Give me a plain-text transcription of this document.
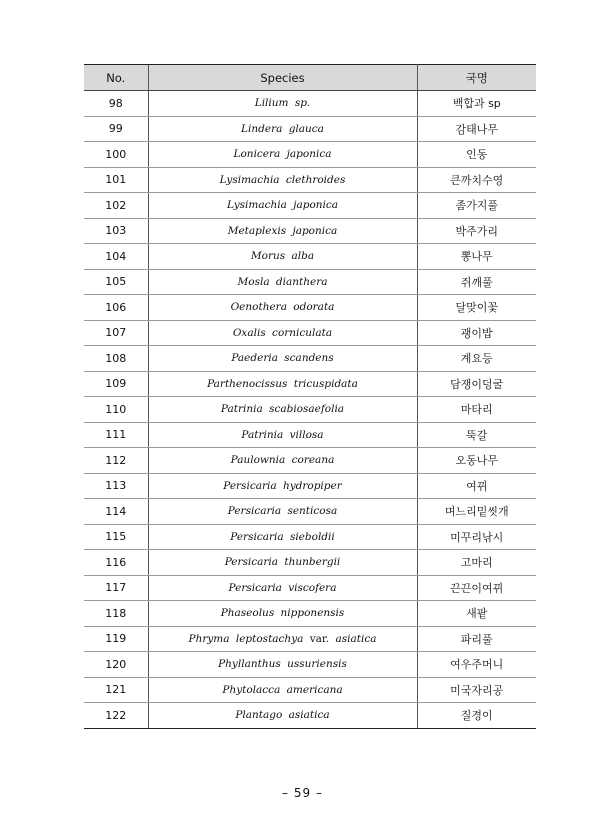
No.	Species	국명
98	Lilium sp.	백합과 sp
99	Lindera glauca	감태나무
100	Lonicera japonica	인동
101	Lysimachia clethroides	큰까치수영
102	Lysimachia japonica	좀가지풀
103	Metaplexis japonica	박주가리
104	Morus alba	뽕나무
105	Mosla dianthera	쥐깨풀
106	Oenothera odorata	달맞이꽃
107	Oxalis corniculata	괭이밥
108	Paederia scandens	계요등
109	Parthenocissus tricuspidata	담쟁이덩굴
110	Patrinia scabiosaefolia	마타리
111	Patrinia villosa	뚝갈
112	Paulownia coreana	오동나무
113	Persicaria hydropiper	여뀌
114	Persicaria senticosa	며느리밑씻개
115	Persicaria sieboldii	미꾸리낚시
116	Persicaria thunbergii	고마리
117	Persicaria viscofera	끈끈이여뀌
118	Phaseolus nipponensis	새팥
119	Phryma leptostachya var. asiatica	파리풀
120	Phyllanthus ussuriensis	여우주머니
121	Phytolacca americana	미국자리공
122	Plantago asiatica	질경이
– 59 –
